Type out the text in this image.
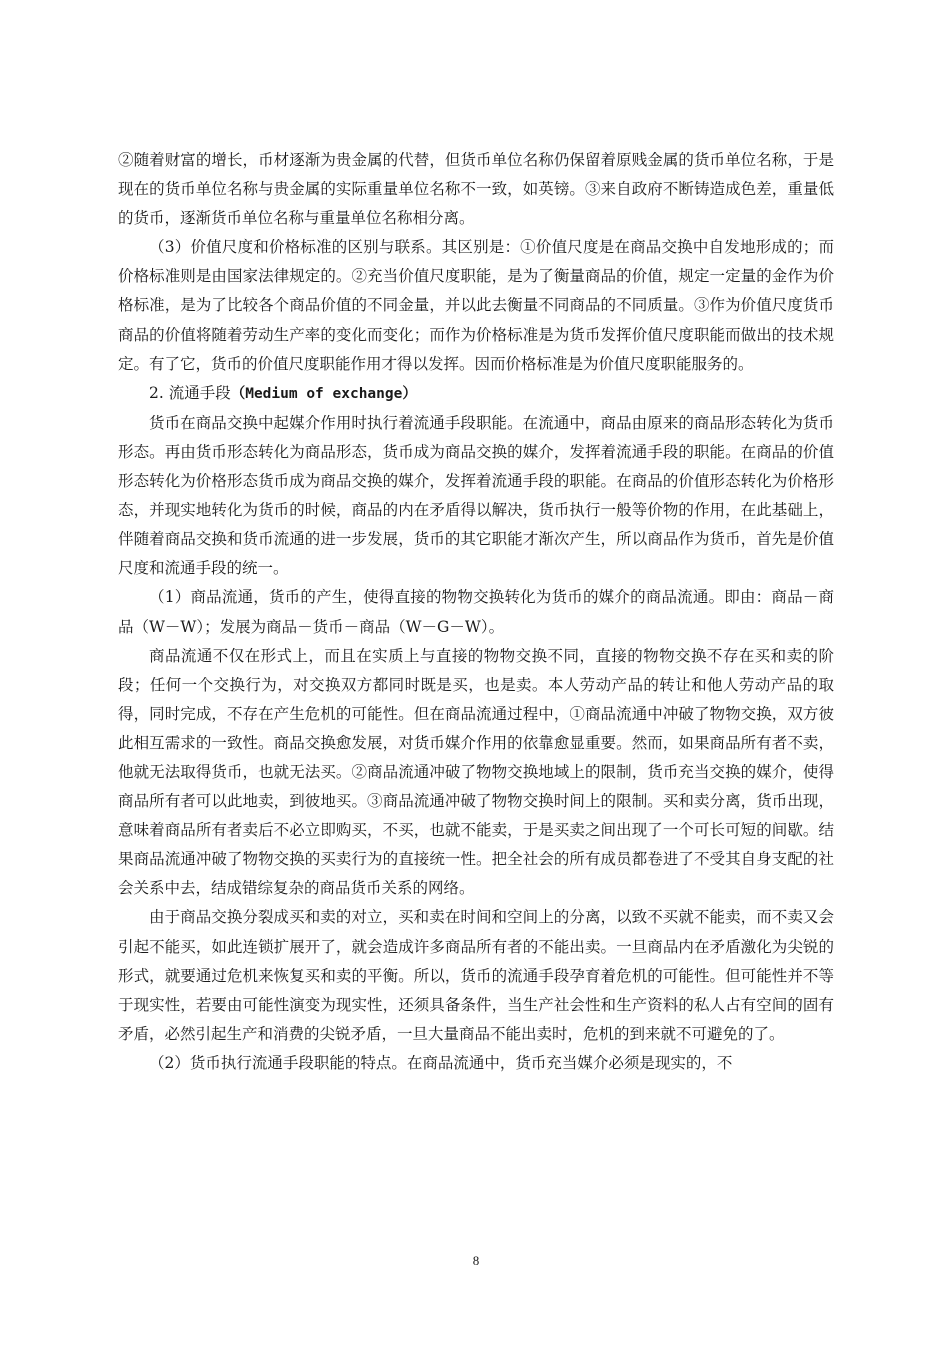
②随着财富的增长，币材逐渐为贵金属的代替，但货币单位名称仍保留着原贱金属的货币单位名称，于是现在的货币单位名称与贵金属的实际重量单位名称不一致，如英镑。③来自政府不断铸造成色差，重量低的货币，逐渐货币单位名称与重量单位名称相分离。

（3）价值尺度和价格标准的区别与联系。其区别是：①价值尺度是在商品交换中自发地形成的；而价格标准则是由国家法律规定的。②充当价值尺度职能，是为了衡量商品的价值，规定一定量的金作为价格标准，是为了比较各个商品价值的不同金量，并以此去衡量不同商品的不同质量。③作为价值尺度货币商品的价值将随着劳动生产率的变化而变化；而作为价格标准是为货币发挥价值尺度职能而做出的技术规定。有了它，货币的价值尺度职能作用才得以发挥。因而价格标准是为价值尺度职能服务的。

2. 流通手段（Medium of exchange）

货币在商品交换中起媒介作用时执行着流通手段职能。在流通中，商品由原来的商品形态转化为货币形态。再由货币形态转化为商品形态，货币成为商品交换的媒介，发挥着流通手段的职能。在商品的价值形态转化为价格形态货币成为商品交换的媒介，发挥着流通手段的职能。在商品的价值形态转化为价格形态，并现实地转化为货币的时候，商品的内在矛盾得以解决，货币执行一般等价物的作用，在此基础上，伴随着商品交换和货币流通的进一步发展，货币的其它职能才渐次产生，所以商品作为货币，首先是价值尺度和流通手段的统一。

（1）商品流通，货币的产生，使得直接的物物交换转化为货币的媒介的商品流通。即由：商品－商品（W－W）；发展为商品－货币－商品（W－G－W）。

商品流通不仅在形式上，而且在实质上与直接的物物交换不同，直接的物物交换不存在买和卖的阶段；任何一个交换行为，对交换双方都同时既是买，也是卖。本人劳动产品的转让和他人劳动产品的取得，同时完成，不存在产生危机的可能性。但在商品流通过程中，①商品流通中冲破了物物交换，双方彼此相互需求的一致性。商品交换愈发展，对货币媒介作用的依靠愈显重要。然而，如果商品所有者不卖，他就无法取得货币，也就无法买。②商品流通冲破了物物交换地域上的限制，货币充当交换的媒介，使得商品所有者可以此地卖，到彼地买。③商品流通冲破了物物交换时间上的限制。买和卖分离，货币出现，意味着商品所有者卖后不必立即购买，不买，也就不能卖，于是买卖之间出现了一个可长可短的间歇。结果商品流通冲破了物物交换的买卖行为的直接统一性。把全社会的所有成员都卷进了不受其自身支配的社会关系中去，结成错综复杂的商品货币关系的网络。

由于商品交换分裂成买和卖的对立，买和卖在时间和空间上的分离，以致不买就不能卖，而不卖又会引起不能买，如此连锁扩展开了，就会造成许多商品所有者的不能出卖。一旦商品内在矛盾激化为尖锐的形式，就要通过危机来恢复买和卖的平衡。所以，货币的流通手段孕育着危机的可能性。但可能性并不等于现实性，若要由可能性演变为现实性，还须具备条件，当生产社会性和生产资料的私人占有空间的固有矛盾，必然引起生产和消费的尖锐矛盾，一旦大量商品不能出卖时，危机的到来就不可避免的了。

（2）货币执行流通手段职能的特点。在商品流通中，货币充当媒介必须是现实的，不

8
